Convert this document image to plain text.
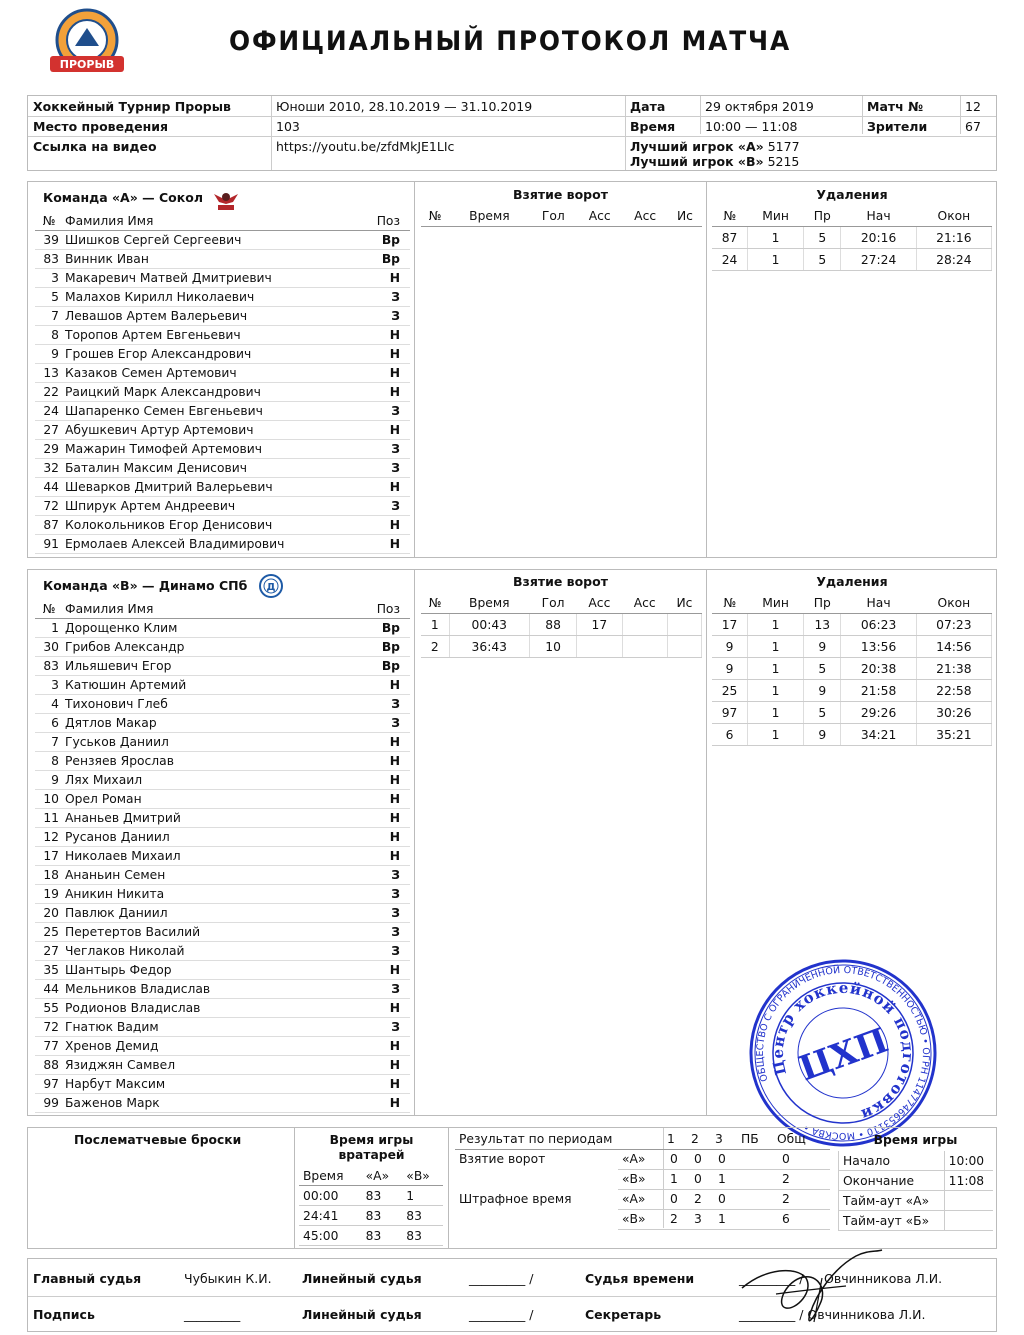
ПРОРЫВ
ОФИЦИАЛЬНЫЙ ПРОТОКОЛ МАТЧА
Хоккейный Турнир Прорыв	Юноши 2010, 28.10.2019 — 31.10.2019	Дата	29 октября 2019	Матч №	12
Место проведения	103	Время 10:00 — 11:08	Зрители	67
Ссылка на видео	https://youtu.be/zfdMkJE1LIc	Лучший игрок «А» 5177
Лучший игрок «В» 5215
Команда «А» — Сокол
№	Фамилия Имя	Поз
39	Шишков Сергей Сергеевич	Вр
83	Винник Иван	Вр
3	Макаревич Матвей Дмитриевич	Н
5	Малахов Кирилл Николаевич	З
7	Левашов Артем Валерьевич	З
8	Торопов Артем Евгеньевич	Н
9	Грошев Егор Александрович	Н
13	Казаков Семен Артемович	Н
22	Раицкий Марк Александрович	Н
24	Шапаренко Семен Евгеньевич	З
27	Абушкевич Артур Артемович	Н
29	Мажарин Тимофей Артемович	З
32	Баталин Максим Денисович	З
44	Шеварков Дмитрий Валерьевич	Н
72	Шпирук Артем Андреевич	З
87	Колокольников Егор Денисович	Н
91	Ермолаев Алексей Владимирович	Н
Взятие ворот
№	Время	Гол	Асс	Асс	Ис
Удаления
№	Мин	Пр	Нач	Окон
87	1	5	20:16	21:16
24	1	5	27:24	28:24
Команда «В» — Динамо СПб Д
№	Фамилия Имя	Поз
1	Дорощенко Клим	Вр
30	Грибов Александр	Вр
83	Ильяшевич Егор	Вр
3	Катюшин Артемий	Н
4	Тихонович Глеб	З
6	Дятлов Макар	З
7	Гуськов Даниил	Н
8	Рензяев Ярослав	Н
9	Лях Михаил	Н
10	Орел Роман	Н
11	Ананьев Дмитрий	Н
12	Русанов Даниил	Н
17	Николаев Михаил	Н
18	Ананьин Семен	З
19	Аникин Никита	З
20	Павлюк Даниил	З
25	Перетертов Василий	З
27	Чеглаков Николай	З
35	Шантырь Федор	Н
44	Мельников Владислав	З
55	Родионов Владислав	Н
72	Гнатюк Вадим	З
77	Хренов Демид	Н
88	Язиджян Самвел	Н
97	Нарбут Максим	Н
99	Баженов Марк	Н
Взятие ворот
№	Время	Гол	Асс	Асс	Ис
1	00:43	88	17		
2	36:43	10			
Удаления
№	Мин	Пр	Нач	Окон
17	1	13	06:23	07:23
9	1	9	13:56	14:56
9	1	5	20:38	21:38
25	1	9	21:58	22:58
97	1	5	29:26	30:26
6	1	9	34:21	35:21
ОБЩЕСТВО С ОГРАНИЧЕННОЙ ОТВЕТСТВЕННОСТЬЮ • ОГРН 1147746653110 • МОСКВА •
Центр хоккейной подготовки
ЦХП
Послематчевые броски	Время игры вратарей
Время	«А»	«В»
00:00	83	1
24:41	83	83
45:00	83	83
Результат по периодам	1 2 3 ПБ Общ
Взятие ворот	«А» 0 0 0	0
«В» 1 0 1	2
Штрафное время	«А» 0 2 0	2
«В» 2 3 1	6
Время игры
Начало	10:00
Окончание	11:08
Тайм-аут «А»	
Тайм-аут «Б»	
Главный судья	Чубыкин К.И. Линейный судья	_________ /	Судья времени	_________ / Овчинникова Л.И.
Подпись	_________	Линейный судья	_________ /	Секретарь	_________ / Овчинникова Л.И.
